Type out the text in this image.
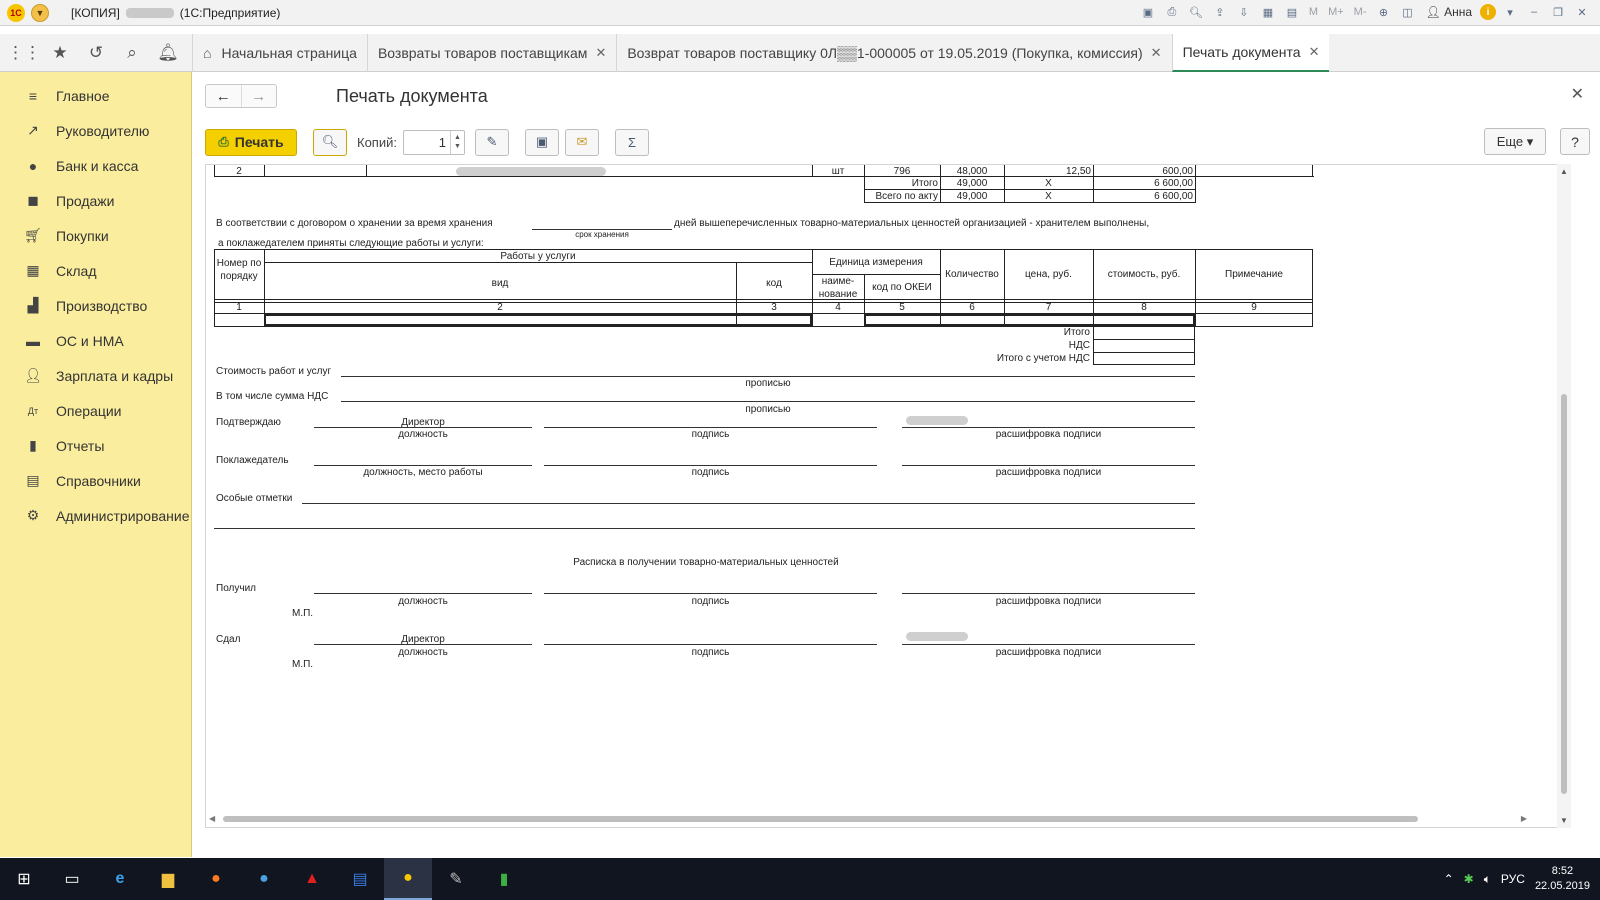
1С	▼	[КОПИЯ]	(1С:Предприятие)	▣	⎙	🔍︎	⇪	⇩	▦	▤	M M+ M-	⊕	◫	👤︎ Анна	i	▾	–	❐	✕
⋮⋮ ★	↺	⌕	🔔︎	⌂ Начальная страница Возвраты товаров поставщикам ✕ Возврат товаров поставщику 0Л▒▒1-000005 от 19.05.2019 (Покупка, комиссия) ✕ Печать документа ✕
≡	Главное
↗ Руководителю
●	Банк и касса
◼ Продажи
🛒︎ Покупки
▦ Склад
▟ Производство
▬ ОС и НМА
👤︎ Зарплата и кадры
Дт Операции
▮	Отчеты
▤ Справочники
⚙ Администрирование
←	→	Печать документа	✕
⎙ Печать	🔍︎	Копий:	1	▲
▼	✎	▣	✉	Σ	Еще ▾	?
2	шт	796	48,000	12,50	600,00
Итого	49,000	X	6 600,00
Всего по акту	49,000	X	6 600,00
В соответствии с договором о хранении за время хранения	дней вышеперечисленных товарно-материальных ценностей организацией - хранителем выполнены,
срок хранения
а поклажедателем приняты следующие работы и услуги:
Номер по порядку
Работы у услуги
вид	код
Единица измерения
наиме- нование
код по ОКЕИ
Количество	цена, руб.	стоимость, руб.	Примечание
1	2	3	4	5	6	7	8	9
Итого
НДС
Итого с учетом НДС
Стоимость работ и услуг
прописью
В том числе сумма НДС
прописью
Подтверждаю	Директор
должность	подпись	расшифровка подписи
Поклажедатель
должность, место работы	подпись	расшифровка подписи
Особые отметки
Расписка в получении товарно-материальных ценностей
Получил
должность	подпись	расшифровка подписи
М.П.
Сдал	Директор
должность	подпись	расшифровка подписи
М.П.
▲
▼
◀	▶
⊞	▭	e	▆	●	●	▲	▤	●	✎	▮	⌃ ✱ 🔈︎ РУС
8:52
22.05.2019
